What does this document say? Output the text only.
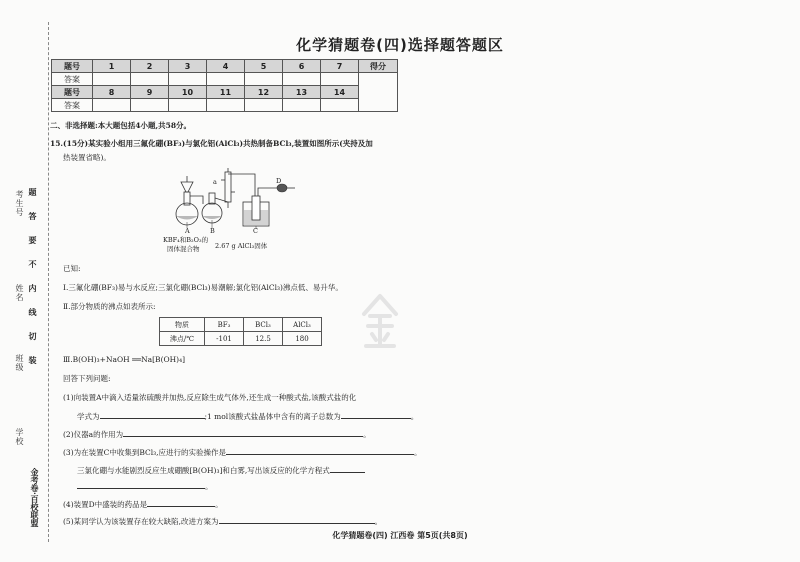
考生号
姓名
班级
学校
题
答
要
不
内
线
切
装
金考卷·百校联盟
化学猜题卷(四)选择题答题区
题号	1	2	3	4	5	6	7	得分
答案								
题号	8	9	10	11	12	13	14	
答案								
二、非选择题:本大题包括4小题,共58分。
15.(15分)某实验小组用三氟化硼(BF₃)与氯化铝(AlCl₃)共热制备BCl₃,装置如图所示(夹持及加
热装置省略)。
a	D
A	B	C
KBF₄和B₂O₃的
固体混合物 2.67 g AlCl₃固体
已知:
Ⅰ.三氟化硼(BF₃)易与水反应;三氯化硼(BCl₃)易潮解;氯化铝(AlCl₃)沸点低、易升华。
Ⅱ.部分物质的沸点如表所示:
物质	BF₃	BCl₃	AlCl₃
沸点/℃	-101	12.5	180
Ⅲ.B(OH)₃+NaOH ══Na[B(OH)₄]
回答下列问题:
(1)向装置A中滴入适量浓硫酸并加热,反应除生成气体外,还生成一种酸式盐,该酸式盐的化
学式为	;1 mol该酸式盐晶体中含有的离子总数为	。
(2)仪器a的作用为	。
(3)为在装置C中收集到BCl₃,应进行的实验操作是	。
三氯化硼与水能剧烈反应生成硼酸[B(OH)₃]和白雾,写出该反应的化学方程式
。
(4)装置D中盛装的药品是	。
(5)某同学认为该装置存在较大缺陷,改进方案为	。
化学猜题卷(四) 江西卷 第5页(共8页)
